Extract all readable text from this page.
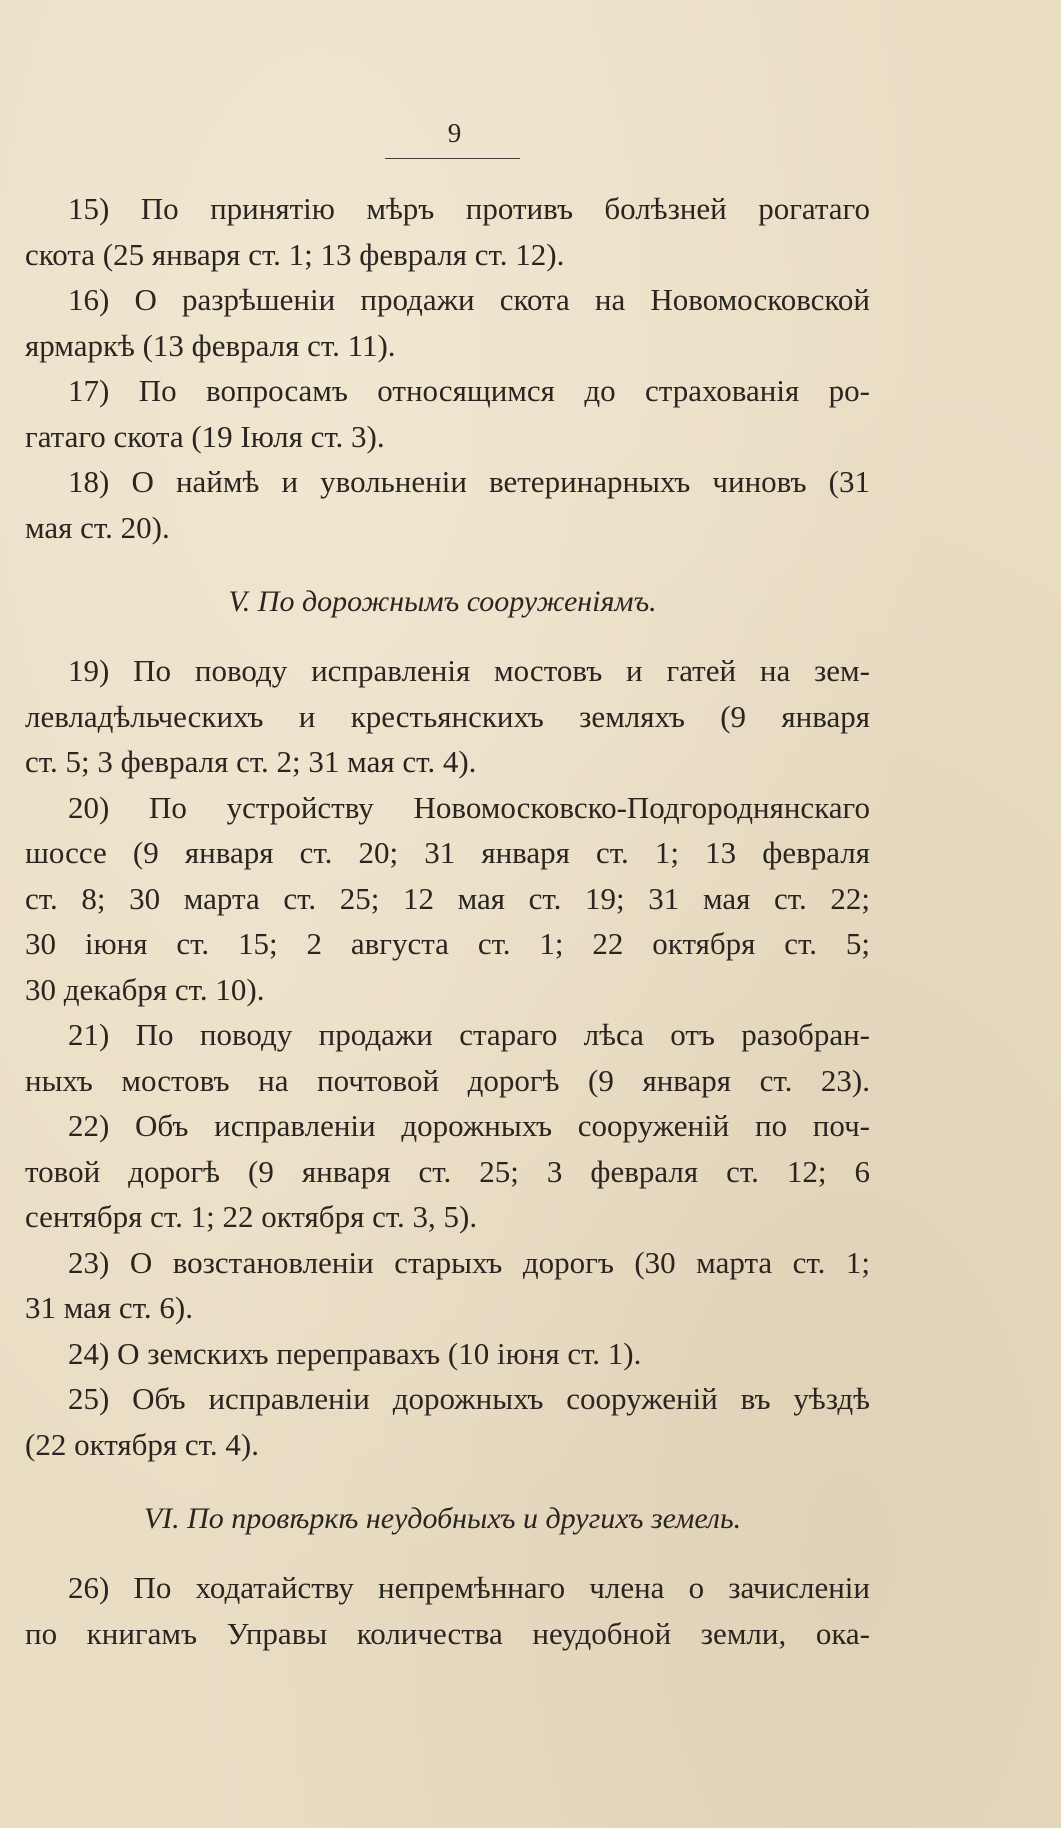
9
15) По принятію мѣръ противъ болѣзней рогатаго
скота (25 января ст. 1; 13 февраля ст. 12).
16) О разрѣшеніи продажи скота на Новомосковской
ярмаркѣ (13 февраля ст. 11).
17) По вопросамъ относящимся до страхованія ро-
гатаго скота (19 Іюля ст. 3).
18) О наймѣ и увольненіи ветеринарныхъ чиновъ (31
мая ст. 20).
V. По дорожнымъ сооруженіямъ.
19) По поводу исправленія мостовъ и гатей на зем-
левладѣльческихъ и крестьянскихъ земляхъ (9 января
ст. 5; 3 февраля ст. 2; 31 мая ст. 4).
20) По устройству Новомосковско-Подгороднянскаго
шоссе (9 января ст. 20; 31 января ст. 1; 13 февраля
ст. 8; 30 марта ст. 25; 12 мая ст. 19; 31 мая ст. 22;
30 іюня ст. 15; 2 августа ст. 1; 22 октября ст. 5;
30 декабря ст. 10).
21) По поводу продажи стараго лѣса отъ разобран-
ныхъ мостовъ на почтовой дорогѣ (9 января ст. 23).
22) Объ исправленіи дорожныхъ сооруженій по поч-
товой дорогѣ (9 января ст. 25; 3 февраля ст. 12; 6
сентября ст. 1; 22 октября ст. 3, 5).
23) О возстановленіи старыхъ дорогъ (30 марта ст. 1;
31 мая ст. 6).
24) О земскихъ переправахъ (10 іюня ст. 1).
25) Объ исправленіи дорожныхъ сооруженій въ уѣздѣ
(22 октября ст. 4).
VI. По провѣркѣ неудобныхъ и другихъ земель.
26) По ходатайству непремѣннаго члена о зачисленіи
по книгамъ Управы количества неудобной земли, ока-
